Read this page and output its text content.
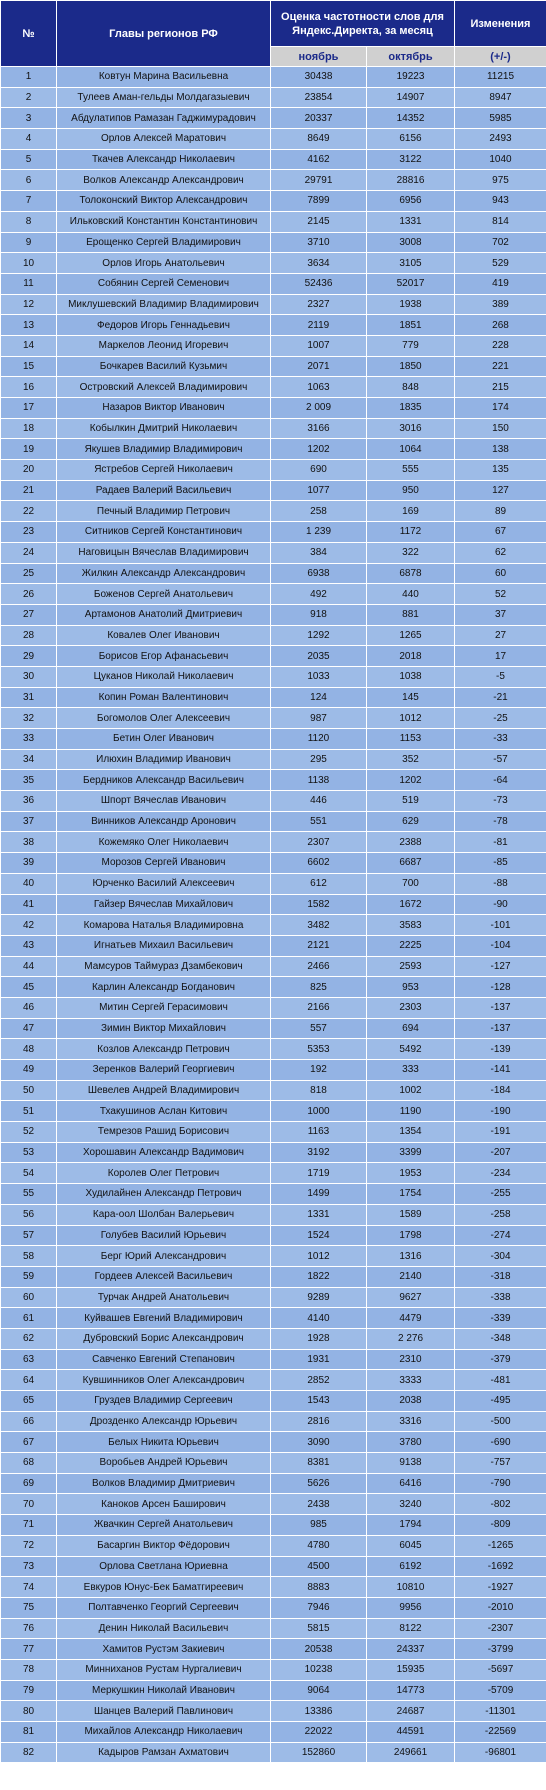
№	Главы регионов РФ	Оценка частотности слов для Яндекс.Директа, за месяц		Изменения
		ноябрь	октябрь	(+/-)
1	Ковтун Марина Васильевна	30438	19223	11215
2	Тулеев Аман-гельды Молдагазыевич	23854	14907	8947
3	Абдулатипов Рамазан Гаджимурадович	20337	14352	5985
4	Орлов Алексей Маратович	8649	6156	2493
5	Ткачев Александр Николаевич	4162	3122	1040
6	Волков Александр Александрович	29791	28816	975
7	Толоконский Виктор Александрович	7899	6956	943
8	Ильковский Константин Константинович	2145	1331	814
9	Ерощенко Сергей Владимирович	3710	3008	702
10	Орлов Игорь Анатольевич	3634	3105	529
11	Собянин Сергей Семенович	52436	52017	419
12	Миклушевский Владимир Владимирович	2327	1938	389
13	Федоров Игорь Геннадьевич	2119	1851	268
14	Маркелов Леонид Игоревич	1007	779	228
15	Бочкарев Василий Кузьмич	2071	1850	221
16	Островский Алексей Владимирович	1063	848	215
17	Назаров Виктор Иванович	2 009	1835	174
18	Кобылкин Дмитрий Николаевич	3166	3016	150
19	Якушев Владимир Владимирович	1202	1064	138
20	Ястребов Сергей Николаевич	690	555	135
21	Радаев Валерий Васильевич	1077	950	127
22	Печный Владимир Петрович	258	169	89
23	Ситников Сергей Константинович	1 239	1172	67
24	Наговицын Вячеслав Владимирович	384	322	62
25	Жилкин Александр Александрович	6938	6878	60
26	Боженов Сергей Анатольевич	492	440	52
27	Артамонов Анатолий Дмитриевич	918	881	37
28	Ковалев Олег Иванович	1292	1265	27
29	Борисов Егор Афанасьевич	2035	2018	17
30	Цуканов Николай Николаевич	1033	1038	-5
31	Копин Роман Валентинович	124	145	-21
32	Богомолов Олег Алексеевич	987	1012	-25
33	Бетин Олег Иванович	1120	1153	-33
34	Илюхин Владимир Иванович	295	352	-57
35	Бердников Александр Васильевич	1138	1202	-64
36	Шпорт Вячеслав Иванович	446	519	-73
37	Винников Александр Аронович	551	629	-78
38	Кожемяко Олег Николаевич	2307	2388	-81
39	Морозов Сергей Иванович	6602	6687	-85
40	Юрченко Василий Алексеевич	612	700	-88
41	Гайзер Вячеслав Михайлович	1582	1672	-90
42	Комарова Наталья Владимировна	3482	3583	-101
43	Игнатьев Михаил Васильевич	2121	2225	-104
44	Мамсуров Таймураз Дзамбекович	2466	2593	-127
45	Карлин Александр Богданович	825	953	-128
46	Митин Сергей Герасимович	2166	2303	-137
47	Зимин Виктор Михайлович	557	694	-137
48	Козлов Александр Петрович	5353	5492	-139
49	Зеренков Валерий Георгиевич	192	333	-141
50	Шевелев Андрей Владимирович	818	1002	-184
51	Тхакушинов Аслан Китович	1000	1190	-190
52	Темрезов Рашид Борисович	1163	1354	-191
53	Хорошавин Александр Вадимович	3192	3399	-207
54	Королев Олег Петрович	1719	1953	-234
55	Худилайнен Александр Петрович	1499	1754	-255
56	Кара-оол Шолбан Валерьевич	1331	1589	-258
57	Голубев Василий Юрьевич	1524	1798	-274
58	Берг Юрий Александрович	1012	1316	-304
59	Гордеев Алексей Васильевич	1822	2140	-318
60	Турчак Андрей Анатольевич	9289	9627	-338
61	Куйвашев Евгений Владимирович	4140	4479	-339
62	Дубровский Борис Александрович	1928	2 276	-348
63	Савченко Евгений Степанович	1931	2310	-379
64	Кувшинников Олег Александрович	2852	3333	-481
65	Груздев Владимир Сергеевич	1543	2038	-495
66	Дрозденко Александр Юрьевич	2816	3316	-500
67	Белых Никита Юрьевич	3090	3780	-690
68	Воробьев Андрей Юрьевич	8381	9138	-757
69	Волков Владимир Дмитриевич	5626	6416	-790
70	Каноков Арсен Баширович	2438	3240	-802
71	Жвачкин Сергей Анатольевич	985	1794	-809
72	Басаргин Виктор Фёдорович	4780	6045	-1265
73	Орлова Светлана Юриевна	4500	6192	-1692
74	Евкуров Юнус-Бек Баматгиреевич	8883	10810	-1927
75	Полтавченко Георгий Сергеевич	7946	9956	-2010
76	Денин Николай Васильевич	5815	8122	-2307
77	Хамитов Рустэм Закиевич	20538	24337	-3799
78	Минниханов Рустам Нургалиевич	10238	15935	-5697
79	Меркушкин Николай Иванович	9064	14773	-5709
80	Шанцев Валерий Павлинович	13386	24687	-11301
81	Михайлов Александр Николаевич	22022	44591	-22569
82	Кадыров Рамзан Ахматович	152860	249661	-96801
